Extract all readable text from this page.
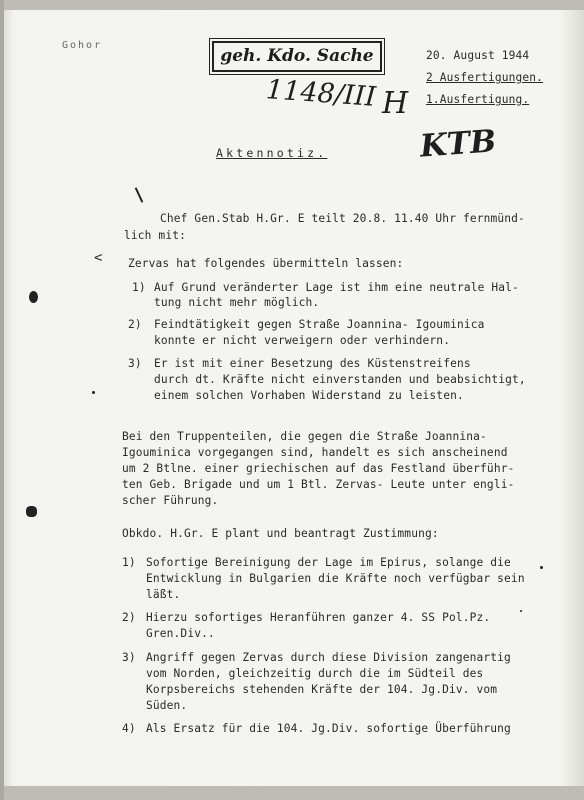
Gohor
geh. Kdo. Sache	20. August 1944
2 Ausfertigungen.
1.Ausfertigung.
1148/III H
KTB
Aktennotiz.
<
Chef Gen.Stab H.Gr. E teilt 20.8. 11.40 Uhr fernmünd-
lich mit:
Zervas hat folgendes übermitteln lassen:
1) Auf Grund veränderter Lage ist ihm eine neutrale Hal-
tung nicht mehr möglich.
2) Feindtätigkeit gegen Straße Joannina- Igouminica
konnte er nicht verweigern oder verhindern.
3) Er ist mit einer Besetzung des Küstenstreifens
durch dt. Kräfte nicht einverstanden und beabsichtigt,
einem solchen Vorhaben Widerstand zu leisten.
Bei den Truppenteilen, die gegen die Straße Joannina-
Igouminica vorgegangen sind, handelt es sich anscheinend
um 2 Btlne. einer griechischen auf das Festland überführ-
ten Geb. Brigade und um 1 Btl. Zervas- Leute unter engli-
scher Führung.
Obkdo. H.Gr. E plant und beantragt Zustimmung:
1) Sofortige Bereinigung der Lage im Epirus, solange die
Entwicklung in Bulgarien die Kräfte noch verfügbar sein
läßt.
2) Hierzu sofortiges Heranführen ganzer 4. SS Pol.Pz.
Gren.Div..
3) Angriff gegen Zervas durch diese Division zangenartig
vom Norden, gleichzeitig durch die im Südteil des
Korpsbereichs stehenden Kräfte der 104. Jg.Div. vom
Süden.
4) Als Ersatz für die 104. Jg.Div. sofortige Überführung
